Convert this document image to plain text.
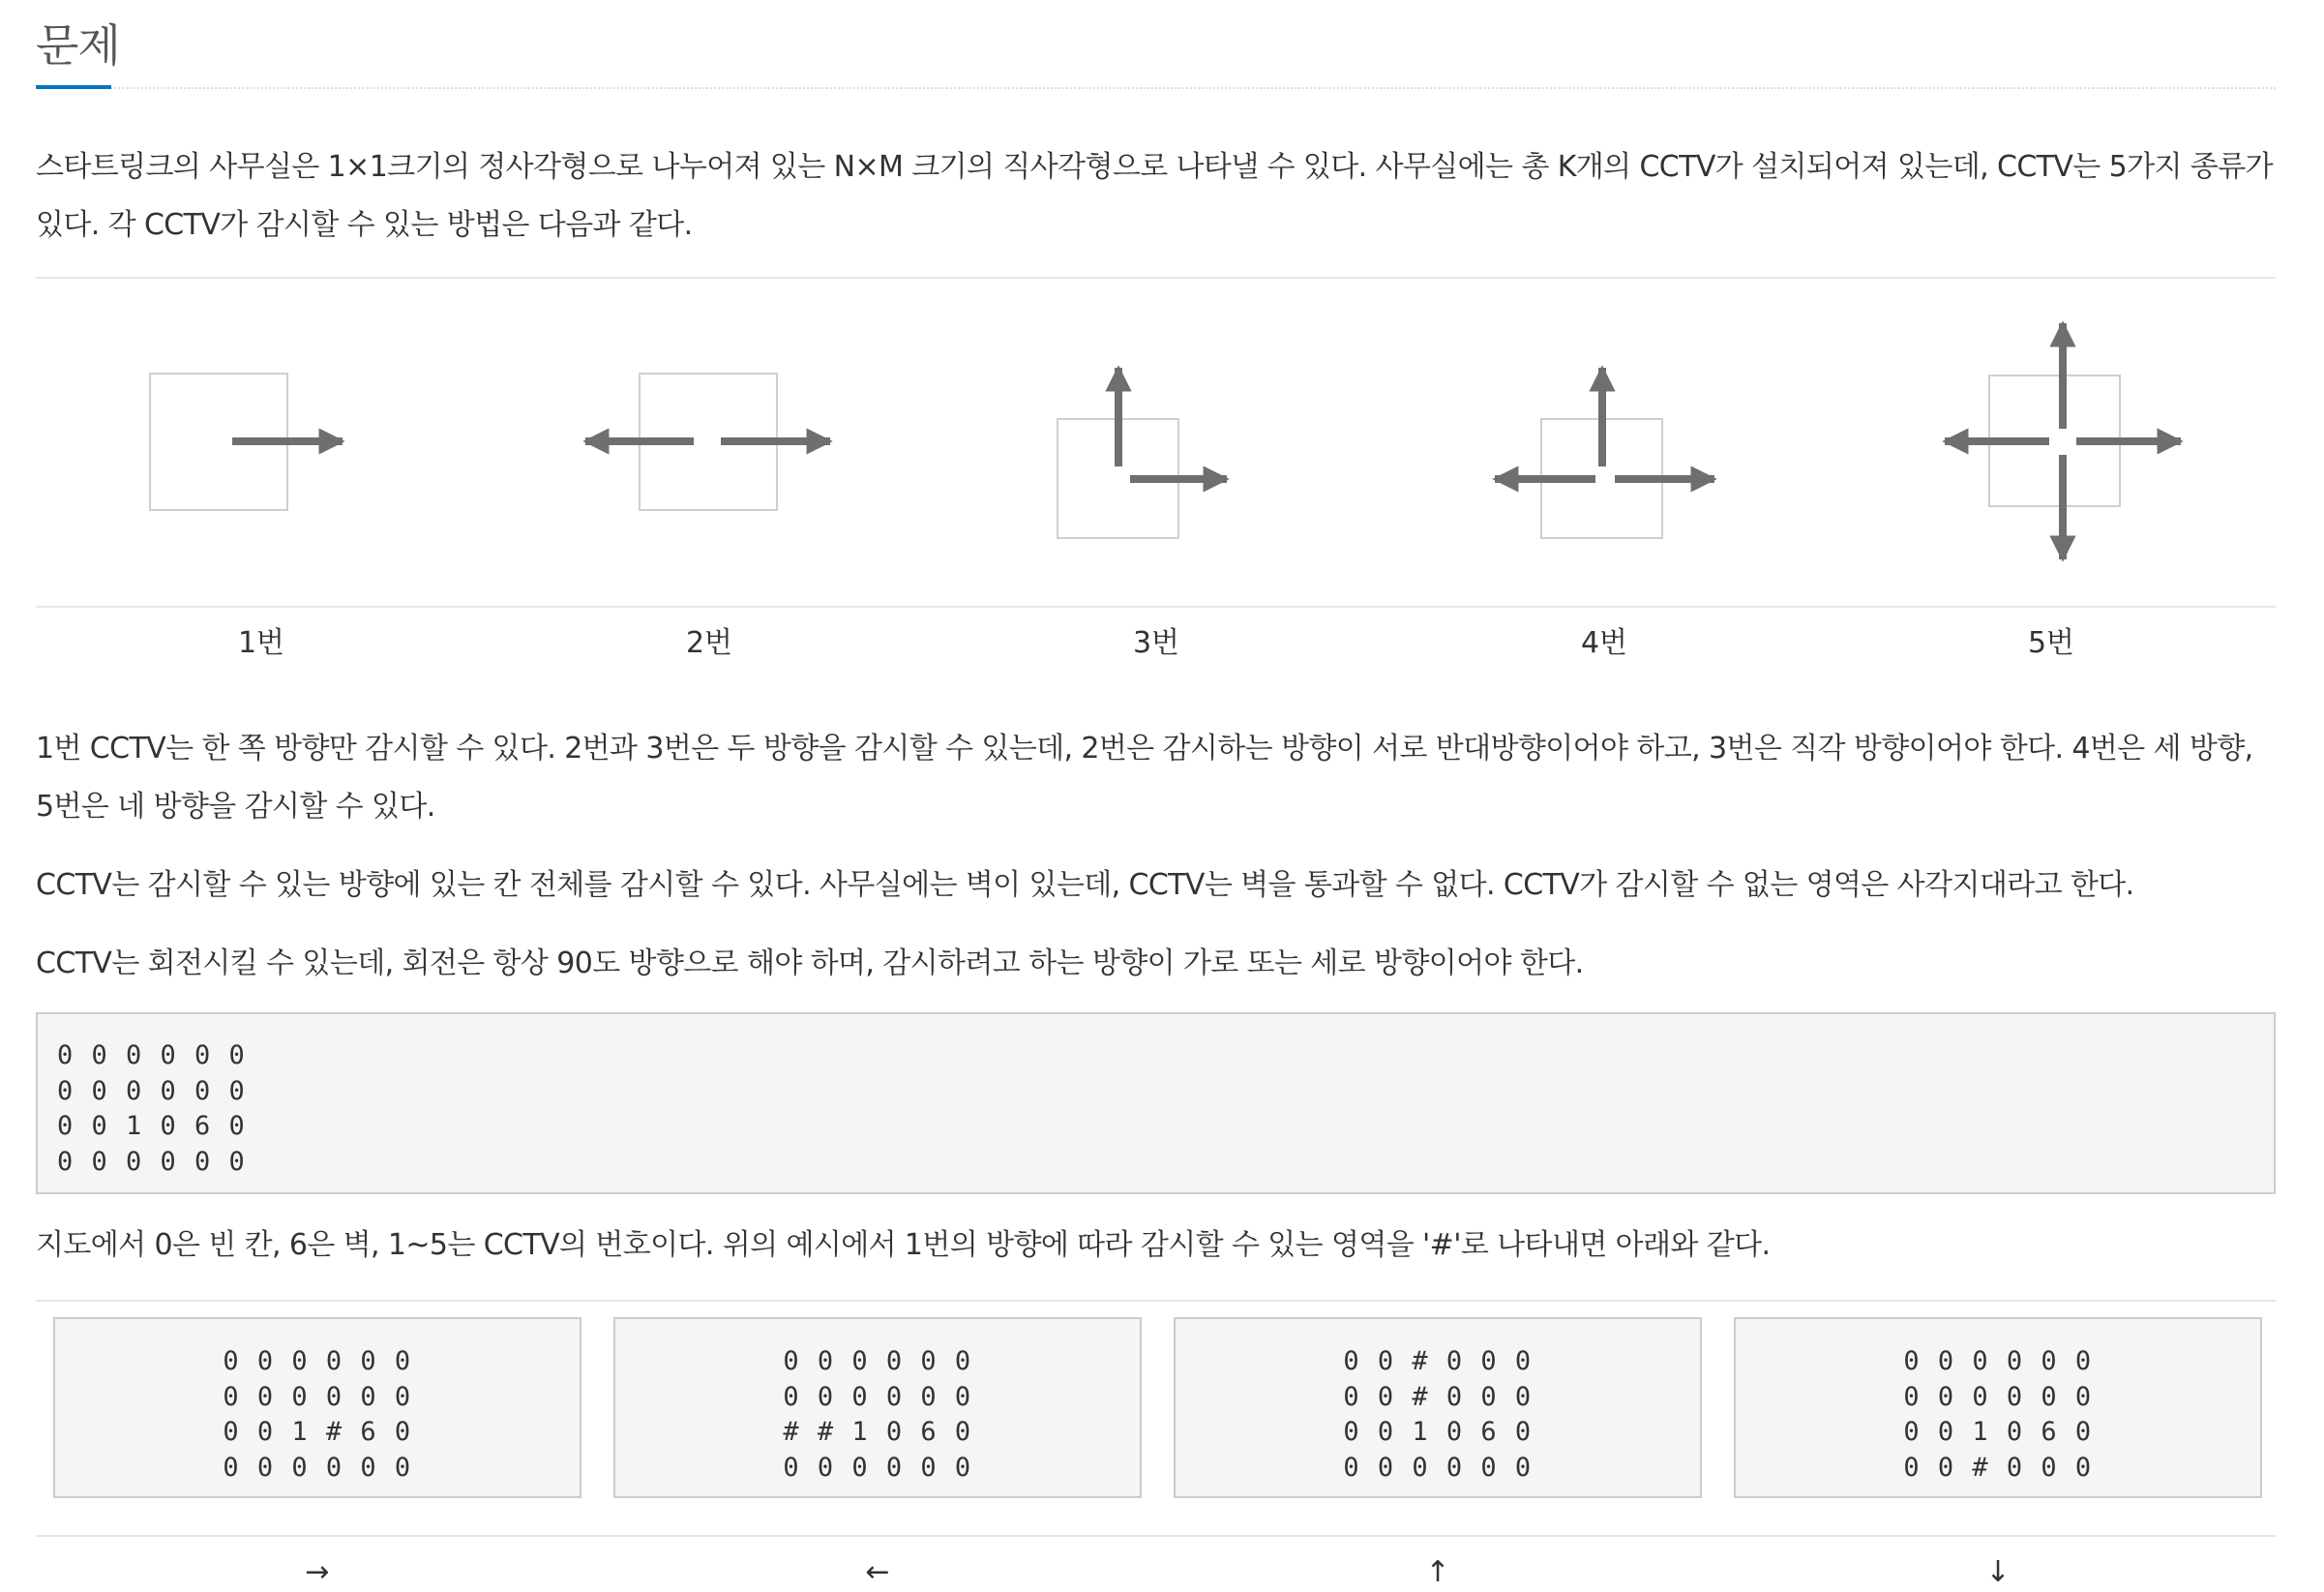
문제
스타트링크의 사무실은 1×1크기의 정사각형으로 나누어져 있는 N×M 크기의 직사각형으로 나타낼 수 있다. 사무실에는 총 K개의 CCTV가 설치되어져 있는데, CCTV는 5가지 종류가 있다. 각 CCTV가 감시할 수 있는 방법은 다음과 같다.
1번	2번	3번	4번	5번
1번 CCTV는 한 쪽 방향만 감시할 수 있다. 2번과 3번은 두 방향을 감시할 수 있는데, 2번은 감시하는 방향이 서로 반대방향이어야 하고, 3번은 직각 방향이어야 한다. 4번은 세 방향, 5번은 네 방향을 감시할 수 있다.
CCTV는 감시할 수 있는 방향에 있는 칸 전체를 감시할 수 있다. 사무실에는 벽이 있는데, CCTV는 벽을 통과할 수 없다. CCTV가 감시할 수 없는 영역은 사각지대라고 한다.
CCTV는 회전시킬 수 있는데, 회전은 항상 90도 방향으로 해야 하며, 감시하려고 하는 방향이 가로 또는 세로 방향이어야 한다.
0 0 0 0 0 0
0 0 0 0 0 0
0 0 1 0 6 0
0 0 0 0 0 0
지도에서 0은 빈 칸, 6은 벽, 1~5는 CCTV의 번호이다. 위의 예시에서 1번의 방향에 따라 감시할 수 있는 영역을 '#'로 나타내면 아래와 같다.
0 0 0 0 0 0
0 0 0 0 0 0
0 0 1 # 6 0
0 0 0 0 0 0
0 0 0 0 0 0
0 0 0 0 0 0
# # 1 0 6 0
0 0 0 0 0 0
0 0 # 0 0 0
0 0 # 0 0 0
0 0 1 0 6 0
0 0 0 0 0 0
0 0 0 0 0 0
0 0 0 0 0 0
0 0 1 0 6 0
0 0 # 0 0 0
→	←	↑	↓
